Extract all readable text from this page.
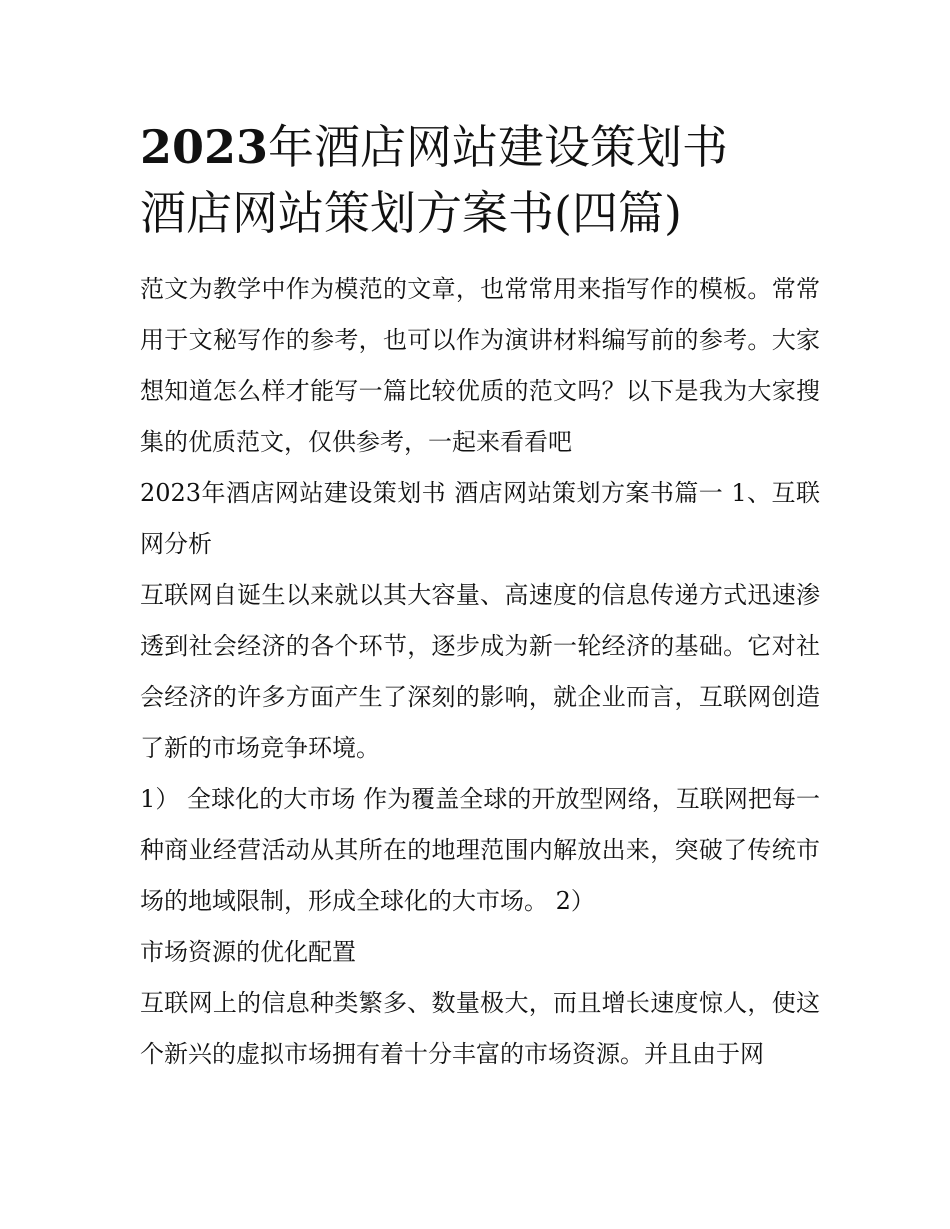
2023年酒店网站建设策划书
酒店网站策划方案书(四篇)

范文为教学中作为模范的文章，也常常用来指写作的模板。常常用于文秘写作的参考，也可以作为演讲材料编写前的参考。大家想知道怎么样才能写一篇比较优质的范文吗？以下是我为大家搜集的优质范文，仅供参考，一起来看看吧

2023年酒店网站建设策划书 酒店网站策划方案书篇一 1、互联网分析

互联网自诞生以来就以其大容量、高速度的信息传递方式迅速渗透到社会经济的各个环节，逐步成为新一轮经济的基础。它对社会经济的许多方面产生了深刻的影响，就企业而言，互联网创造了新的市场竞争环境。

1） 全球化的大市场 作为覆盖全球的开放型网络，互联网把每一种商业经营活动从其所在的地理范围内解放出来，突破了传统市场的地域限制，形成全球化的大市场。 2）

市场资源的优化配置

互联网上的信息种类繁多、数量极大，而且增长速度惊人，使这个新兴的虚拟市场拥有着十分丰富的市场资源。并且由于网
